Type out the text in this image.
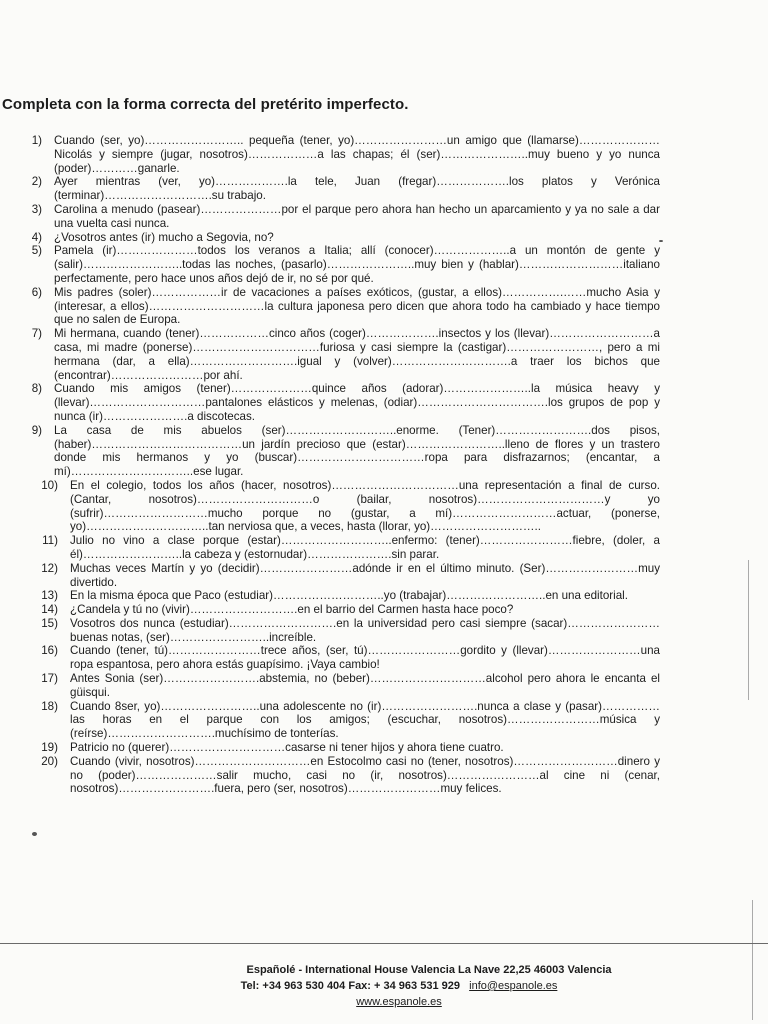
Completa con la forma correcta del pretérito imperfecto.
1)	Cuando (ser, yo)…………………….. pequeña (tener, yo)……………………un amigo que (llamarse)…………………Nicolás y siempre (jugar, nosotros)………………a las chapas; él (ser)…………………..muy bueno y yo nunca (poder)…………ganarle.
2)	Ayer mientras (ver, yo)……………….la tele, Juan (fregar)……………….los platos y Verónica (terminar)……………………….su trabajo.
3)	Carolina a menudo (pasear)…………………por el parque pero ahora han hecho un aparcamiento y ya no sale a dar una vuelta casi nunca.
4)	¿Vosotros antes (ir) mucho a Segovia, no?
5)	Pamela (ir)…………………todos los veranos a Italia; allí (conocer)………………..a un montón de gente y (salir)……………………..todas las noches, (pasarlo)…………………..muy bien y (hablar)………………………italiano perfectamente, pero hace unos años dejó de ir, no sé por qué.
6)	Mis padres (soler)………………ir de vacaciones a países exóticos, (gustar, a ellos)…………….……mucho Asia y (interesar, a ellos)…………………………la cultura japonesa pero dicen que ahora todo ha cambiado y hace tiempo que no salen de Europa.
7)	Mi hermana, cuando (tener)………………cinco años (coger)……………….insectos y los (llevar)………………………a casa, mi madre (ponerse)……………………………furiosa y casi siempre la (castigar)……………………, pero a mi hermana (dar, a ella)……………………….igual y (volver)………………………….a traer los bichos que (encontrar)……………………por ahí.
8)	Cuando mis amigos (tener)…………………quince años (adorar)…………………..la música heavy y (llevar)…………………………pantalones elásticos y melenas, (odiar)…………………………….los grupos de pop y nunca (ir)………………….a discotecas.
9)	La casa de mis abuelos (ser)………………………..enorme. (Tener)…………………….dos pisos, (haber)…………………………………un jardín precioso que (estar)……………………..lleno de flores y un trastero donde mis hermanos y yo (buscar)……………………………ropa para disfrazarnos; (encantar, a mí)…………………………..ese lugar.
10)	En el colegio, todos los años (hacer, nosotros)……………………………una representación a final de curso. (Cantar, nosotros)…………………………o (bailar, nosotros)……………………………y yo (sufrir)………………………mucho porque no (gustar, a mí)………………………actuar, (ponerse, yo)…………………………..tan nerviosa que, a veces, hasta (llorar, yo)………………………..
11)	Julio no vino a clase porque (estar)………………………..enfermo: (tener)……………………fiebre, (doler, a él)……………………..la cabeza y (estornudar)………………….sin parar.
12)	Muchas veces Martín y yo (decidir)……………………adónde ir en el último minuto. (Ser)……………………muy divertido.
13)	En la misma época que Paco (estudiar)………………………..yo (trabajar)……………………..en una editorial.
14)	¿Candela y tú no (vivir)……………………….en el barrio del Carmen hasta hace poco?
15)	Vosotros dos nunca (estudiar)……………………….en la universidad pero casi siempre (sacar)……………………buenas notas, (ser)……………………..increíble.
16)	Cuando (tener, tú)……………………trece años, (ser, tú)……………………gordito y (llevar)……………………una ropa espantosa, pero ahora estás guapísimo. ¡Vaya cambio!
17)	Antes Sonia (ser)…………………….abstemia, no (beber)…………………………alcohol pero ahora le encanta el güisqui.
18)	Cuando 8ser, yo)……………………..una adolescente no (ir)…………………….nunca a clase y (pasar)……………las horas en el parque con los amigos; (escuchar, nosotros)……………………música y (reírse)……………………….muchísimo de tonterías.
19)	Patricio no (querer)…………………………casarse ni tener hijos y ahora tiene cuatro.
20)	Cuando (vivir, nosotros)…………………………en Estocolmo casi no (tener, nosotros)………………………dinero y no (poder)…………………salir mucho, casi no (ir, nosotros)……………………al cine ni (cenar, nosotros)…………………….fuera, pero (ser, nosotros)……………………muy felices.
Españolé - International House Valencia La Nave 22,25 46003 Valencia
Tel: +34 963 530 404 Fax: + 34 963 531 929 info@espanole.es
www.espanole.es
